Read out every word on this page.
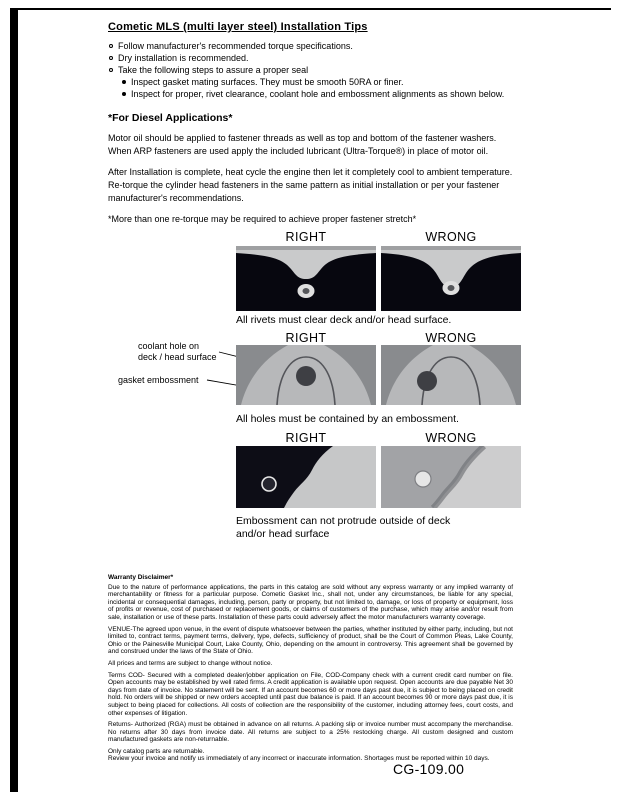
Cometic MLS (multi layer steel) Installation Tips
Follow manufacturer's recommended torque specifications.
Dry installation is recommended.
Take the following steps to assure a proper seal
Inspect gasket mating surfaces. They must be smooth 50RA or finer.
Inspect for proper, rivet clearance, coolant hole and embossment alignments as shown below.
*For Diesel Applications*
Motor oil should be applied to fastener threads as well as top and bottom of the fastener washers. When ARP fasteners are used apply the included lubricant (Ultra-Torque®) in place of motor oil.
After Installation is complete, heat cycle the engine then let it completely cool to ambient temperature. Re-torque the cylinder head fasteners in the same pattern as initial installation or per your fastener manufacturer's recommendations.
*More than one re-torque may be required to achieve proper fastener stretch*
RIGHT	WRONG
All rivets must clear deck and/or head surface.
RIGHT	WRONG
coolant hole on
deck / head surface
gasket embossment
All holes must be contained by an embossment.
RIGHT	WRONG
Embossment can not protrude outside of deck
and/or head surface
Warranty Disclaimer*
Due to the nature of performance applications, the parts in this catalog are sold without any express warranty or any implied warranty of merchantability or fitness for a particular purpose. Cometic Gasket Inc., shall not, under any circumstances, be liable for any special, incidental or consequential damages, including, person, party or property, but not limited to, damage, or loss of property or equipment, loss of profits or revenue, cost of purchased or replacement goods, or claims of customers of the purchase, which may arise and/or result from sale, installation or use of these parts. Installation of these parts could adversely affect the motor manufacturers warranty coverage.
VENUE-The agreed upon venue, in the event of dispute whatsoever between the parties, whether instituted by either party, including, but not limited to, contract terms, payment terms, delivery, type, defects, sufficiency of product, shall be the Court of Common Pleas, Lake County, Ohio or the Painesville Municipal Court, Lake County, Ohio, depending on the amount in controversy. This agreement shall be governed by and construed under the laws of the State of Ohio.
All prices and terms are subject to change without notice.
Terms COD- Secured with a completed dealer/jobber application on File, COD-Company check with a current credit card number on file. Open accounts may be established by well rated firms. A credit application is available upon request. Open accounts are due payable Net 30 days from date of invoice. No statement will be sent. If an account becomes 60 or more days past due, it is subject to being placed on credit hold. No orders will be shipped or new orders accepted until past due balance is paid. If an account becomes 90 or more days past due, it is subject to being placed for collections. All costs of collection are the responsibility of the customer, including attorney fees, court costs, and other expenses of litigation.
Returns- Authorized (RGA) must be obtained in advance on all returns. A packing slip or invoice number must accompany the merchandise. No returns after 30 days from invoice date. All returns are subject to a 25% restocking charge. All custom designed and custom manufactured gaskets are non-returnable.
Only catalog parts are returnable.
Review your invoice and notify us immediately of any incorrect or inaccurate information. Shortages must be reported within 10 days.
CG-109.00
